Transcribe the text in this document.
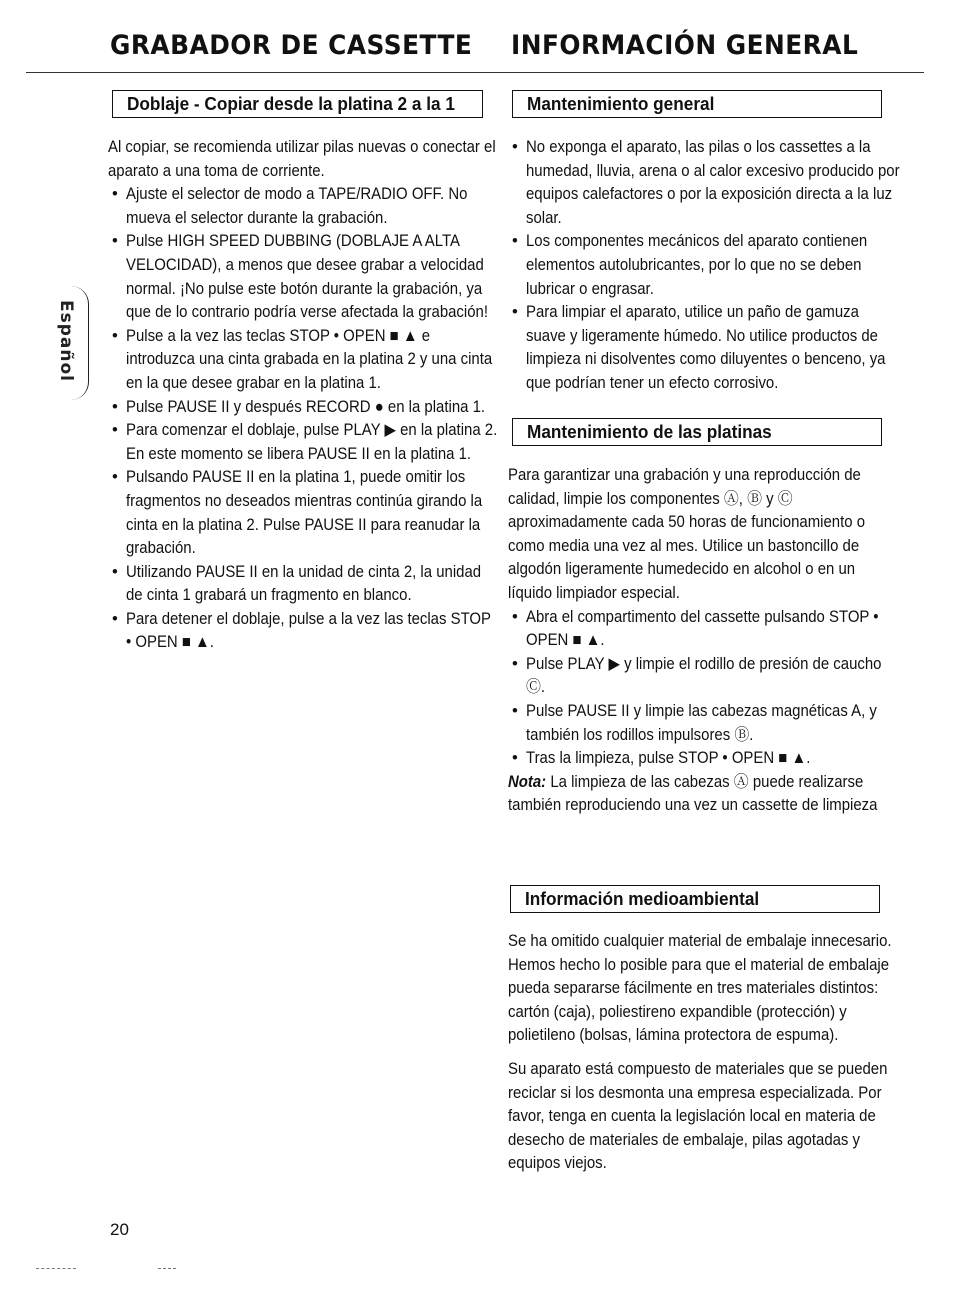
GRABADOR DE CASSETTE INFORMACIÓN GENERAL
Español
Doblaje - Copiar desde la platina 2 a la 1

Al copiar, se recomienda utilizar pilas nuevas o conectar el aparato a una toma de corriente.

• Ajuste el selector de modo a TAPE/RADIO OFF. No mueva el selector durante la grabación.
• Pulse HIGH SPEED DUBBING (DOBLAJE A ALTA VELOCIDAD), a menos que desee grabar a velocidad normal. ¡No pulse este botón durante la grabación, ya que de lo contrario podría verse afectada la grabación!
• Pulse a la vez las teclas STOP • OPEN ■ ▲ e introduzca una cinta grabada en la platina 2 y una cinta en la que desee grabar en la platina 1.
• Pulse PAUSE II y después RECORD ● en la platina 1.
• Para comenzar el doblaje, pulse PLAY ▶ en la platina 2. En este momento se libera PAUSE II en la platina 1.
• Pulsando PAUSE II en la platina 1, puede omitir los fragmentos no deseados mientras continúa girando la cinta en la platina 2. Pulse PAUSE II para reanudar la grabación.
• Utilizando PAUSE II en la unidad de cinta 2, la unidad de cinta 1 grabará un fragmento en blanco.
• Para detener el doblaje, pulse a la vez las teclas STOP • OPEN ■ ▲.
Mantenimiento general
• No exponga el aparato, las pilas o los cassettes a la humedad, lluvia, arena o al calor excesivo producido por equipos calefactores o por la exposición directa a la luz solar.
• Los componentes mecánicos del aparato contienen elementos autolubricantes, por lo que no se deben lubricar o engrasar.
• Para limpiar el aparato, utilice un paño de gamuza suave y ligeramente húmedo. No utilice productos de limpieza ni disolventes como diluyentes o benceno, ya que podrían tener un efecto corrosivo.
Mantenimiento de las platinas

Para garantizar una grabación y una reproducción de calidad, limpie los componentes Ⓐ, Ⓑ y Ⓒ aproximadamente cada 50 horas de funcionamiento o como media una vez al mes. Utilice un bastoncillo de algodón ligeramente humedecido en alcohol o en un líquido limpiador especial.

• Abra el compartimento del cassette pulsando STOP • OPEN ■ ▲.
• Pulse PLAY ▶ y limpie el rodillo de presión de caucho Ⓒ.
• Pulse PAUSE II y limpie las cabezas magnéticas A, y también los rodillos impulsores Ⓑ.
• Tras la limpieza, pulse STOP • OPEN ■ ▲.

Nota: La limpieza de las cabezas Ⓐ puede realizarse también reproduciendo una vez un cassette de limpieza

Información medioambiental

Se ha omitido cualquier material de embalaje innecesario. Hemos hecho lo posible para que el material de embalaje pueda separarse fácilmente en tres materiales distintos: cartón (caja), poliestireno expandible (protección) y polietileno (bolsas, lámina protectora de espuma).

Su aparato está compuesto de materiales que se pueden reciclar si los desmonta una empresa especializada. Por favor, tenga en cuenta la legislación local en materia de desecho de materiales de embalaje, pilas agotadas y equipos viejos.

20
